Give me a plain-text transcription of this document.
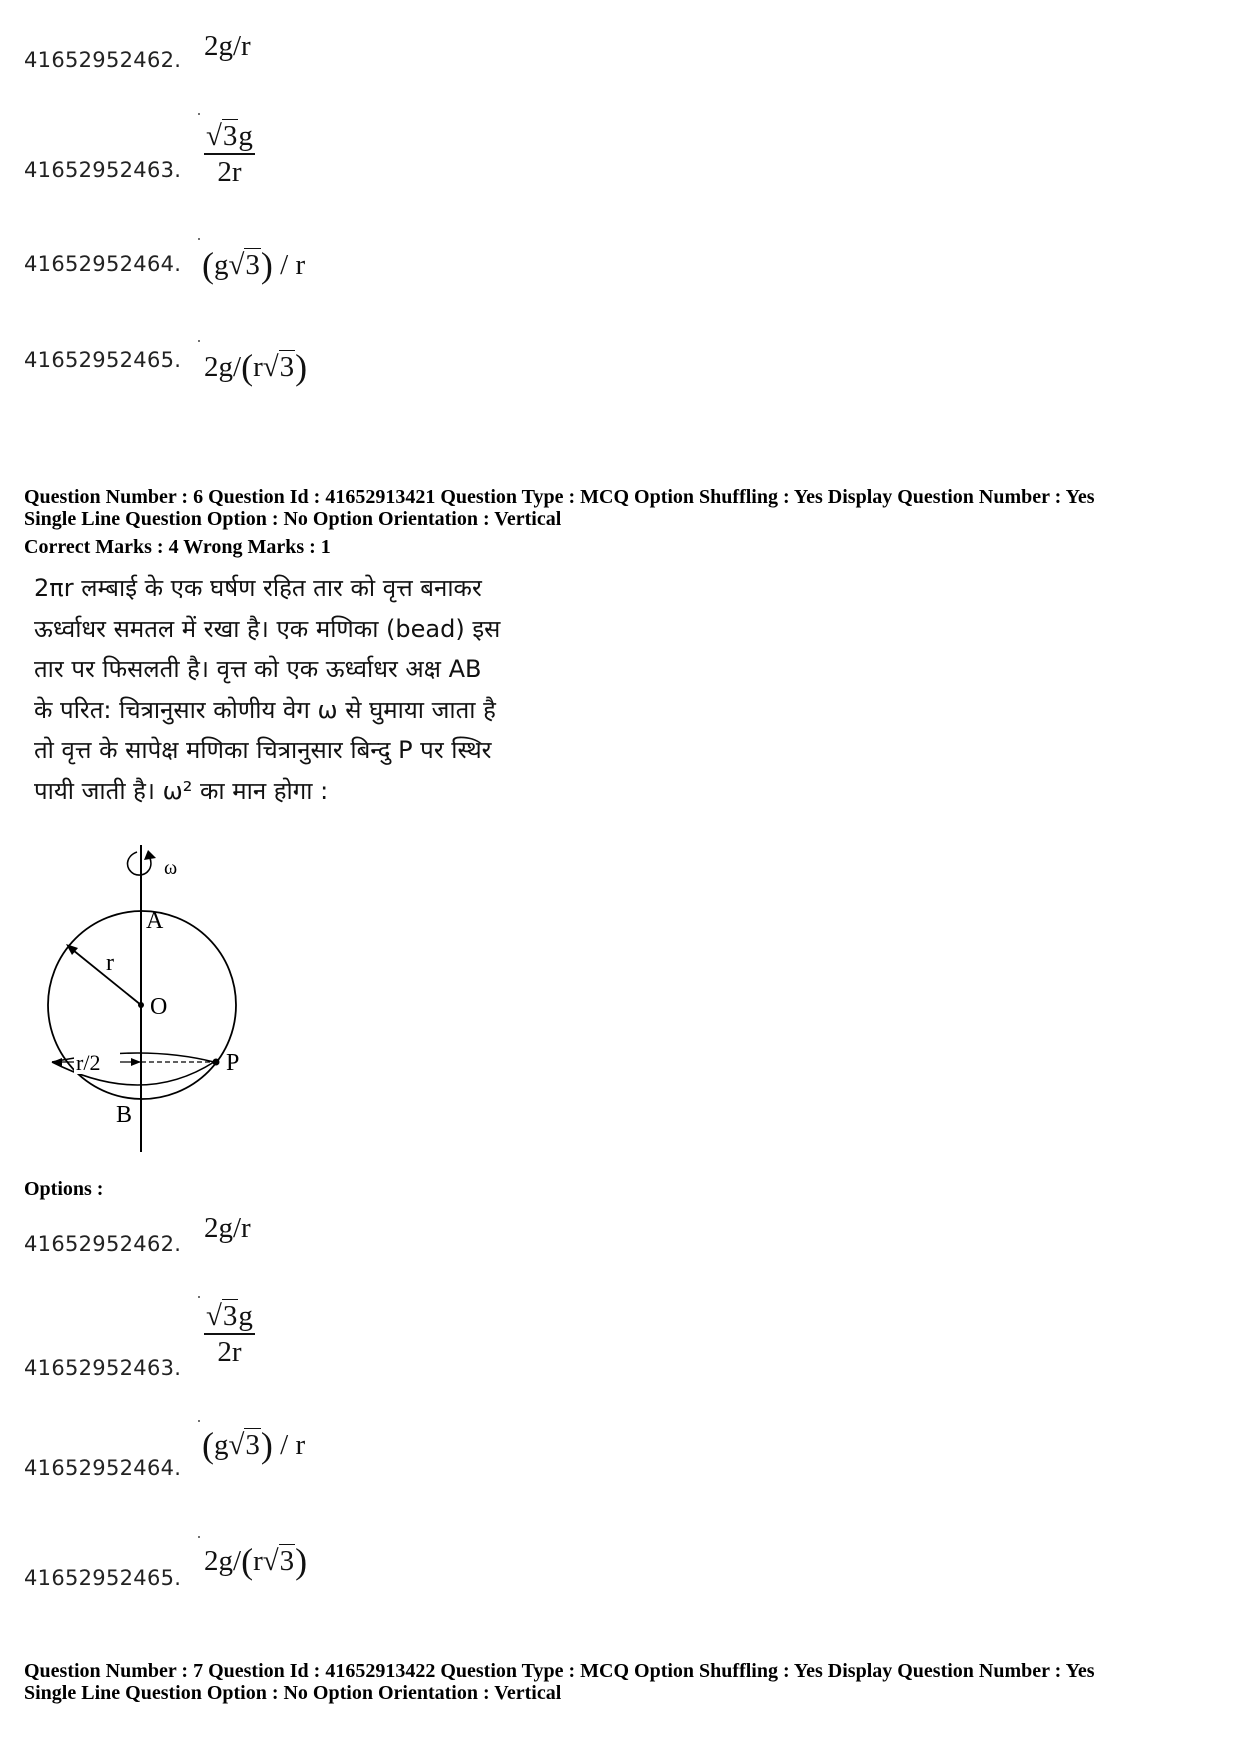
41652952462. 2g/r
41652952463. $\frac{√3g}{2r}$
41652952464. (g√3) / r
41652952465. 2g/(r√3)
Question Number : 6 Question Id : 41652913421 Question Type : MCQ Option Shuffling : Yes Display Question Number : Yes
Single Line Question Option : No Option Orientation : Vertical
Correct Marks : 4 Wrong Marks : 1

2πr लम्बाई के एक घर्षण रहित तार को वृत्त बनाकर

ऊर्ध्वाधर समतल में रखा है। एक मणिका (bead) इस

तार पर फिसलती है। वृत्त को एक ऊर्ध्वाधर अक्ष AB

के परित: चित्रानुसार कोणीय वेग ω से घुमाया जाता है

तो वृत्त के सापेक्ष मणिका चित्रानुसार बिन्दु P पर स्थिर

पायी जाती है। ω² का मान होगा :

ω
A
r
O
r/2	P
B
Options :
41652952462. 2g/r
41652952463.
$\frac{√3g}{2r}$
41652952464.
(g√3) / r
41652952465.
2g/(r√3)
Question Number : 7 Question Id : 41652913422 Question Type : MCQ Option Shuffling : Yes Display Question Number : Yes
Single Line Question Option : No Option Orientation : Vertical
